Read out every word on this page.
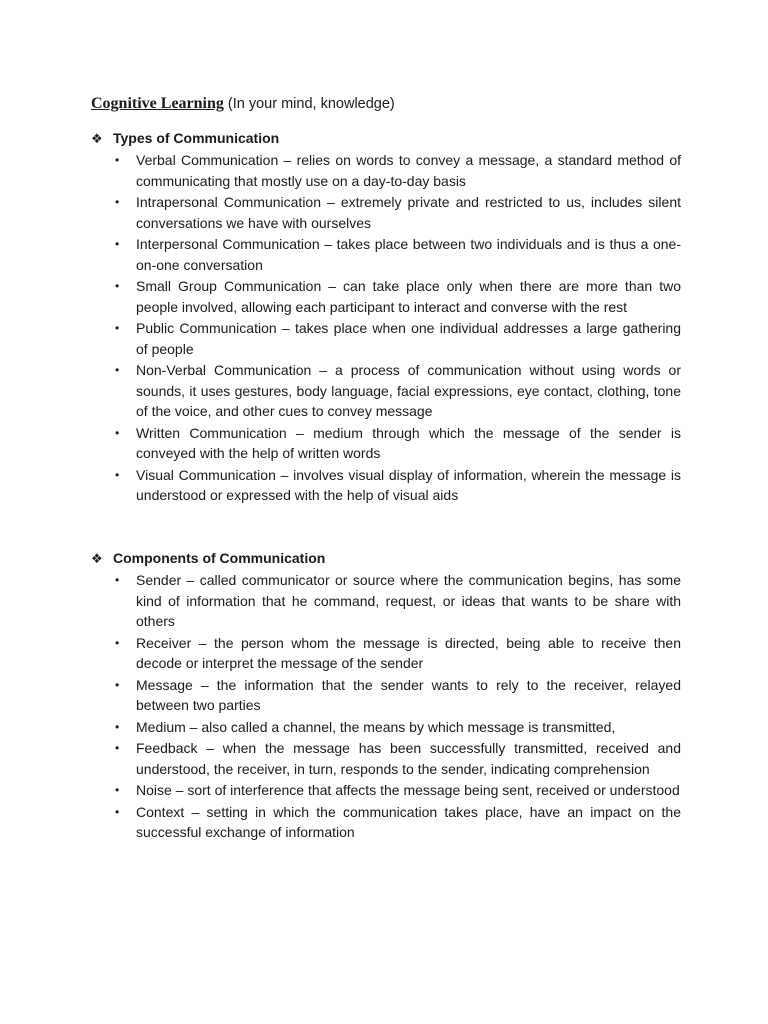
Cognitive Learning (In your mind, knowledge)
❖ Types of Communication
• Verbal Communication – relies on words to convey a message, a standard method of communicating that mostly use on a day-to-day basis
• Intrapersonal Communication – extremely private and restricted to us, includes silent conversations we have with ourselves
• Interpersonal Communication – takes place between two individuals and is thus a one-on-one conversation
• Small Group Communication – can take place only when there are more than two people involved, allowing each participant to interact and converse with the rest
• Public Communication – takes place when one individual addresses a large gathering of people
• Non-Verbal Communication – a process of communication without using words or sounds, it uses gestures, body language, facial expressions, eye contact, clothing, tone of the voice, and other cues to convey message
• Written Communication – medium through which the message of the sender is conveyed with the help of written words
• Visual Communication – involves visual display of information, wherein the message is understood or expressed with the help of visual aids
❖ Components of Communication
• Sender – called communicator or source where the communication begins, has some kind of information that he command, request, or ideas that wants to be share with others
• Receiver – the person whom the message is directed, being able to receive then decode or interpret the message of the sender
• Message – the information that the sender wants to rely to the receiver, relayed between two parties
• Medium – also called a channel, the means by which message is transmitted,
• Feedback – when the message has been successfully transmitted, received and understood, the receiver, in turn, responds to the sender, indicating comprehension
• Noise – sort of interference that affects the message being sent, received or understood
• Context – setting in which the communication takes place, have an impact on the successful exchange of information
